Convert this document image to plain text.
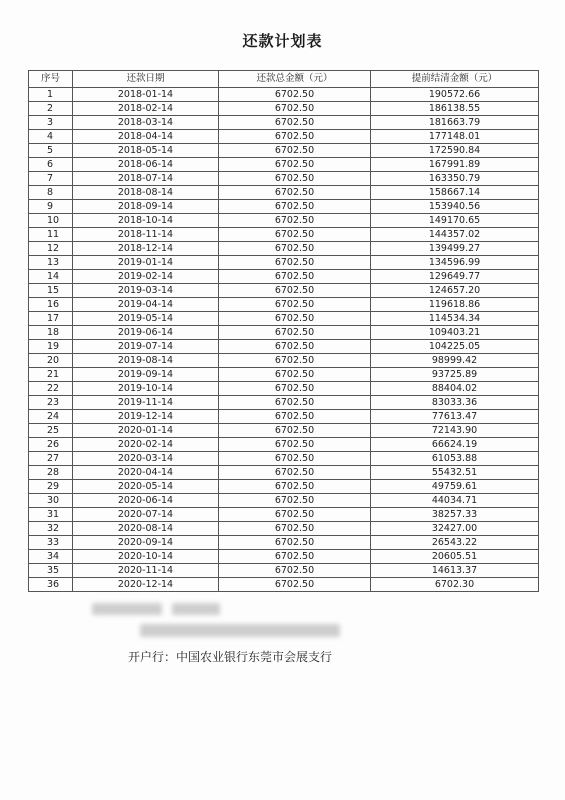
还款计划表
序号	还款日期	还款总金额（元）	提前结清金额（元）
1	2018-01-14	6702.50	190572.66
2	2018-02-14	6702.50	186138.55
3	2018-03-14	6702.50	181663.79
4	2018-04-14	6702.50	177148.01
5	2018-05-14	6702.50	172590.84
6	2018-06-14	6702.50	167991.89
7	2018-07-14	6702.50	163350.79
8	2018-08-14	6702.50	158667.14
9	2018-09-14	6702.50	153940.56
10	2018-10-14	6702.50	149170.65
11	2018-11-14	6702.50	144357.02
12	2018-12-14	6702.50	139499.27
13	2019-01-14	6702.50	134596.99
14	2019-02-14	6702.50	129649.77
15	2019-03-14	6702.50	124657.20
16	2019-04-14	6702.50	119618.86
17	2019-05-14	6702.50	114534.34
18	2019-06-14	6702.50	109403.21
19	2019-07-14	6702.50	104225.05
20	2019-08-14	6702.50	98999.42
21	2019-09-14	6702.50	93725.89
22	2019-10-14	6702.50	88404.02
23	2019-11-14	6702.50	83033.36
24	2019-12-14	6702.50	77613.47
25	2020-01-14	6702.50	72143.90
26	2020-02-14	6702.50	66624.19
27	2020-03-14	6702.50	61053.88
28	2020-04-14	6702.50	55432.51
29	2020-05-14	6702.50	49759.61
30	2020-06-14	6702.50	44034.71
31	2020-07-14	6702.50	38257.33
32	2020-08-14	6702.50	32427.00
33	2020-09-14	6702.50	26543.22
34	2020-10-14	6702.50	20605.51
35	2020-11-14	6702.50	14613.37
36	2020-12-14	6702.50	6702.30
开户行：中国农业银行东莞市会展支行
